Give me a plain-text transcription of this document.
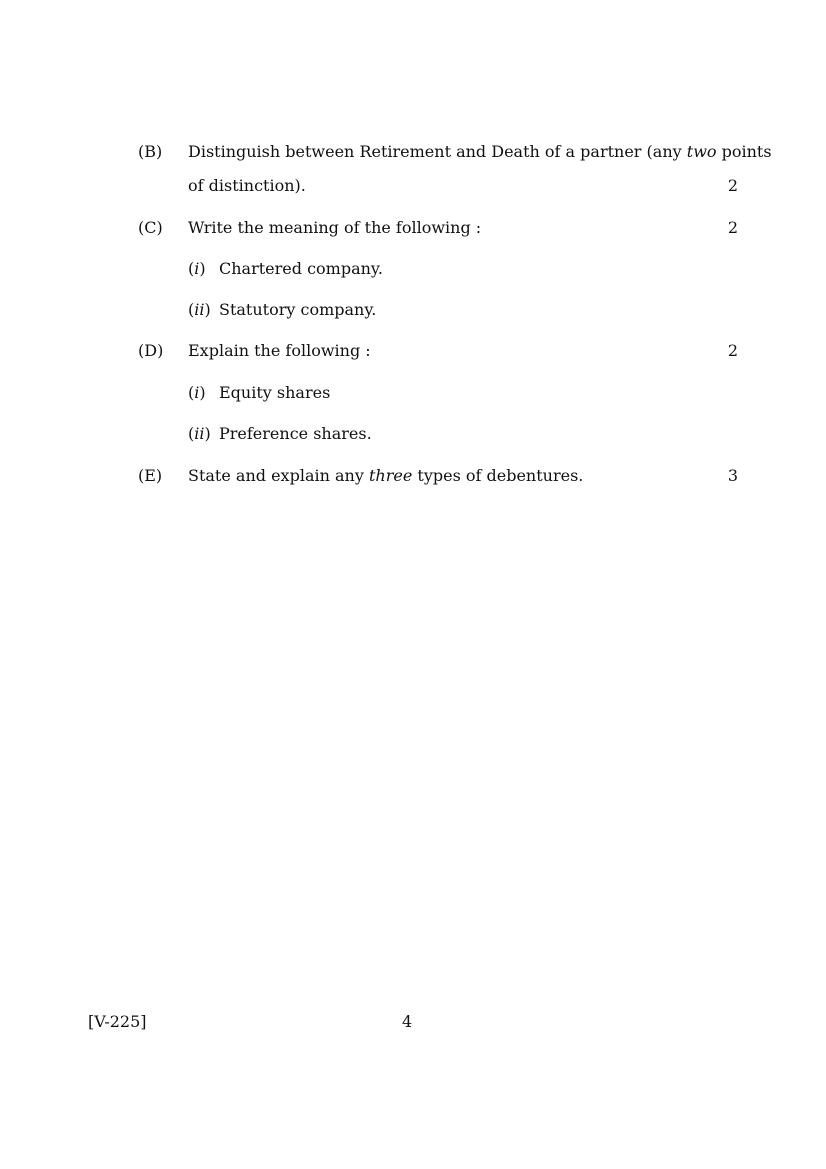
(B) Distinguish between Retirement and Death of a partner (any two points
of distinction).	2
(C) Write the meaning of the following :	2
(i) Chartered company.
(ii) Statutory company.
(D) Explain the following :	2
(i) Equity shares
(ii) Preference shares.
(E) State and explain any three types of debentures.	3
[V-225]	4
